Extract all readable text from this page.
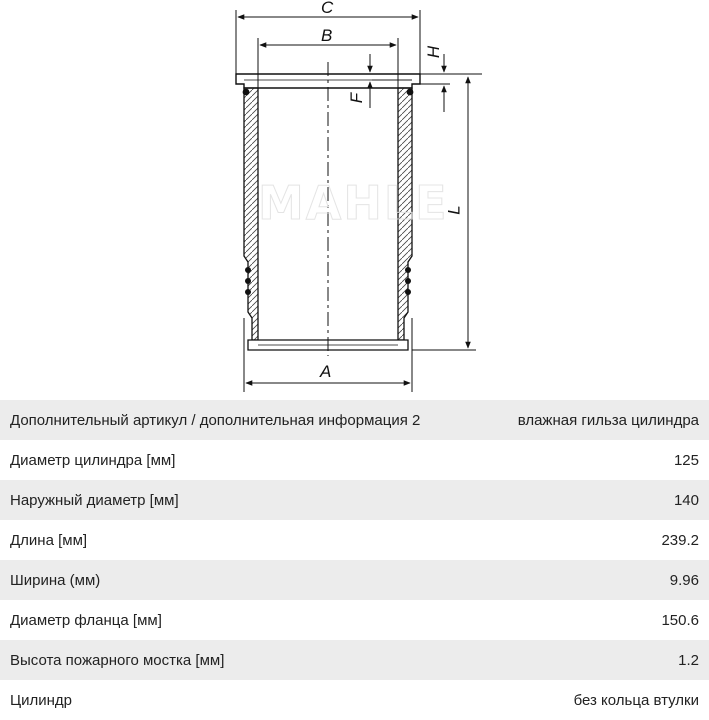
MAHLE
C
B
H
F
L
A
Дополнительный артикул / дополнительная информация 2	влажная гильза цилиндра
Диаметр цилиндра [мм]	125
Наружный диаметр [мм]	140
Длина [мм]	239.2
Ширина (мм)	9.96
Диаметр фланца [мм]	150.6
Высота пожарного мостка [мм]	1.2
Цилиндр	без кольца втулки
